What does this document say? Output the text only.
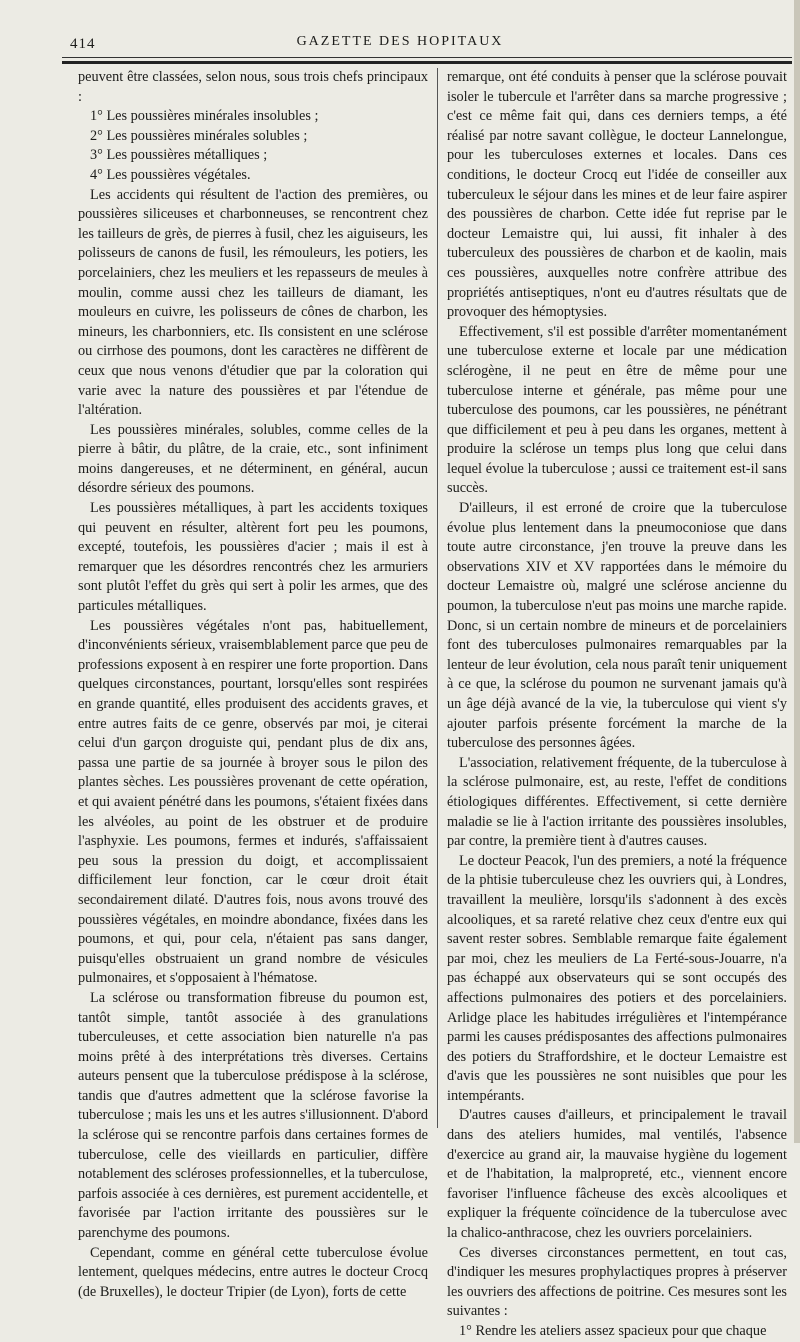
414	GAZETTE DES HOPITAUX

peuvent être classées, selon nous, sous trois chefs principaux :

1° Les poussières minérales insolubles ;

2° Les poussières minérales solubles ;

3° Les poussières métalliques ;

4° Les poussières végétales.

Les accidents qui résultent de l'action des premières, ou poussières siliceuses et charbonneuses, se rencontrent chez les tailleurs de grès, de pierres à fusil, chez les aiguiseurs, les polisseurs de canons de fusil, les rémouleurs, les potiers, les porcelainiers, chez les meuliers et les repasseurs de meules à moulin, comme aussi chez les tailleurs de diamant, les mouleurs en cuivre, les polisseurs de cônes de charbon, les mineurs, les charbonniers, etc. Ils consistent en une sclérose ou cirrhose des poumons, dont les caractères ne diffèrent de ceux que nous venons d'étudier que par la coloration qui varie avec la nature des poussières et par l'étendue de l'altération.

Les poussières minérales, solubles, comme celles de la pierre à bâtir, du plâtre, de la craie, etc., sont infiniment moins dangereuses, et ne déterminent, en général, aucun désordre sérieux des poumons.

Les poussières métalliques, à part les accidents toxiques qui peuvent en résulter, altèrent fort peu les poumons, excepté, toutefois, les poussières d'acier ; mais il est à remarquer que les désordres rencontrés chez les armuriers sont plutôt l'effet du grès qui sert à polir les armes, que des particules métalliques.

Les poussières végétales n'ont pas, habituellement, d'inconvénients sérieux, vraisemblablement parce que peu de professions exposent à en respirer une forte proportion. Dans quelques circonstances, pourtant, lorsqu'elles sont respirées en grande quantité, elles produisent des accidents graves, et entre autres faits de ce genre, observés par moi, je citerai celui d'un garçon droguiste qui, pendant plus de dix ans, passa une partie de sa journée à broyer sous le pilon des plantes sèches. Les poussières provenant de cette opération, et qui avaient pénétré dans les poumons, s'étaient fixées dans les alvéoles, au point de les obstruer et de produire l'asphyxie. Les poumons, fermes et indurés, s'affaissaient peu sous la pression du doigt, et accomplissaient difficilement leur fonction, car le cœur droit était secondairement dilaté. D'autres fois, nous avons trouvé des poussières végétales, en moindre abondance, fixées dans les poumons, et qui, pour cela, n'étaient pas sans danger, puisqu'elles obstruaient un grand nombre de vésicules pulmonaires, et s'opposaient à l'hématose.

La sclérose ou transformation fibreuse du poumon est, tantôt simple, tantôt associée à des granulations tuberculeuses, et cette association bien naturelle n'a pas moins prêté à des interprétations très diverses. Certains auteurs pensent que la tuberculose prédispose à la sclérose, tandis que d'autres admettent que la sclérose favorise la tuberculose ; mais les uns et les autres s'illusionnent. D'abord la sclérose qui se rencontre parfois dans certaines formes de tuberculose, celle des vieillards en particulier, diffère notablement des scléroses professionnelles, et la tuberculose, parfois associée à ces dernières, est purement accidentelle, et favorisée par l'action irritante des poussières sur le parenchyme des poumons.

Cependant, comme en général cette tuberculose évolue lentement, quelques médecins, entre autres le docteur Crocq (de Bruxelles), le docteur Tripier (de Lyon), forts de cette

remarque, ont été conduits à penser que la sclérose pouvait isoler le tubercule et l'arrêter dans sa marche progressive ; c'est ce même fait qui, dans ces derniers temps, a été réalisé par notre savant collègue, le docteur Lannelongue, pour les tuberculoses externes et locales. Dans ces conditions, le docteur Crocq eut l'idée de conseiller aux tuberculeux le séjour dans les mines et de leur faire aspirer des poussières de charbon. Cette idée fut reprise par le docteur Lemaistre qui, lui aussi, fit inhaler à des tuberculeux des poussières de charbon et de kaolin, mais ces poussières, auxquelles notre confrère attribue des propriétés antiseptiques, n'ont eu d'autres résultats que de provoquer des hémoptysies.

Effectivement, s'il est possible d'arrêter momentanément une tuberculose externe et locale par une médication sclérogène, il ne peut en être de même pour une tuberculose interne et générale, pas même pour une tuberculose des poumons, car les poussières, ne pénétrant que difficilement et peu à peu dans les organes, mettent à produire la sclérose un temps plus long que celui dans lequel évolue la tuberculose ; aussi ce traitement est-il sans succès.

D'ailleurs, il est erroné de croire que la tuberculose évolue plus lentement dans la pneumoconiose que dans toute autre circonstance, j'en trouve la preuve dans les observations XIV et XV rapportées dans le mémoire du docteur Lemaistre où, malgré une sclérose ancienne du poumon, la tuberculose n'eut pas moins une marche rapide. Donc, si un certain nombre de mineurs et de porcelainiers font des tuberculoses pulmonaires remarquables par la lenteur de leur évolution, cela nous paraît tenir uniquement à ce que, la sclérose du poumon ne survenant jamais qu'à un âge déjà avancé de la vie, la tuberculose qui vient s'y ajouter parfois présente forcément la marche de la tuberculose des personnes âgées.

L'association, relativement fréquente, de la tuberculose à la sclérose pulmonaire, est, au reste, l'effet de conditions étiologiques différentes. Effectivement, si cette dernière maladie se lie à l'action irritante des poussières insolubles, par contre, la première tient à d'autres causes.

Le docteur Peacok, l'un des premiers, a noté la fréquence de la phtisie tuberculeuse chez les ouvriers qui, à Londres, travaillent la meulière, lorsqu'ils s'adonnent à des excès alcooliques, et sa rareté relative chez ceux d'entre eux qui savent rester sobres. Semblable remarque faite également par moi, chez les meuliers de La Ferté-sous-Jouarre, n'a pas échappé aux observateurs qui se sont occupés des affections pulmonaires des potiers et des porcelainiers. Arlidge place les habitudes irrégulières et l'intempérance parmi les causes prédisposantes des affections pulmonaires des potiers du Straffordshire, et le docteur Lemaistre est d'avis que les poussières ne sont nuisibles que pour les intempérants.

D'autres causes d'ailleurs, et principalement le travail dans des ateliers humides, mal ventilés, l'absence d'exercice au grand air, la mauvaise hygiène du logement et de l'habitation, la malpropreté, etc., viennent encore favoriser l'influence fâcheuse des excès alcooliques et expliquer la fréquente coïncidence de la tuberculose avec la chalico-anthracose, chez les ouvriers porcelainiers.

Ces diverses circonstances permettent, en tout cas, d'indiquer les mesures prophylactiques propres à préserver les ouvriers des affections de poitrine. Ces mesures sont les suivantes :

1° Rendre les ateliers assez spacieux pour que chaque
